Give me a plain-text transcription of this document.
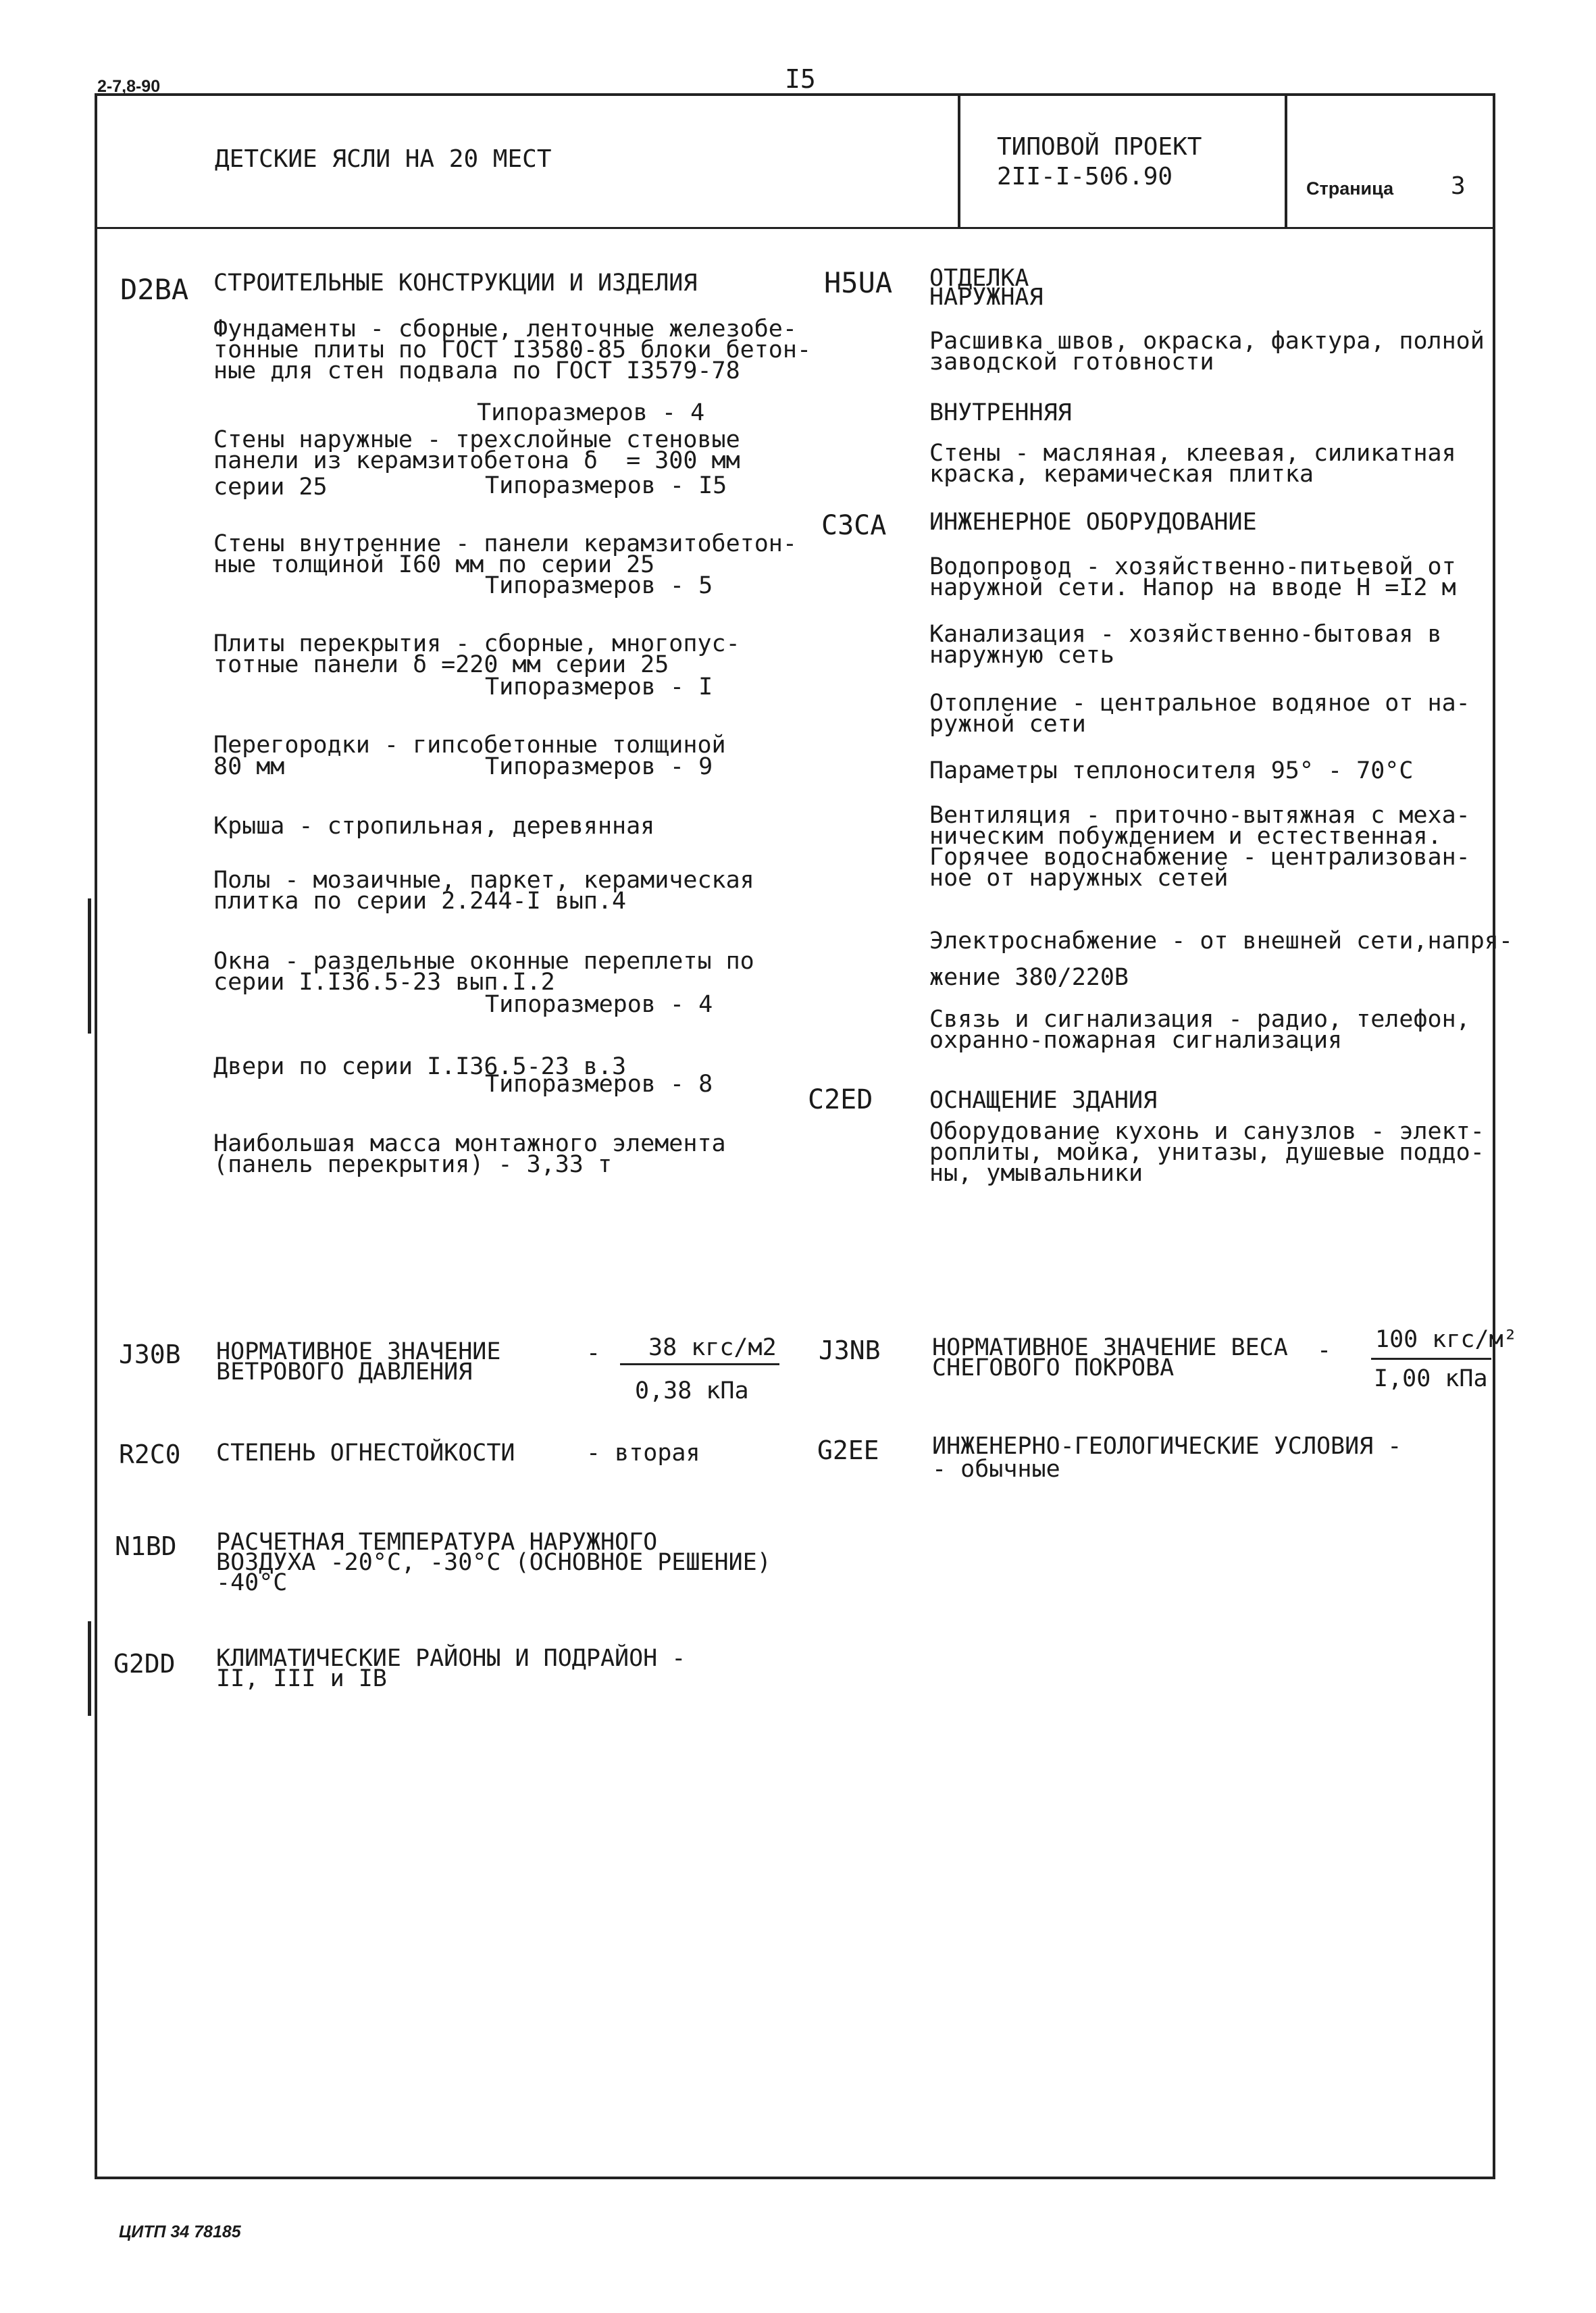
2-7,8-90	I5
ДЕТСКИЕ ЯСЛИ НА 20 МЕСТ	ТИПОВОЙ ПРОЕКТ
2II-I-506.90	Страница 3
D2BA СТРОИТЕЛЬНЫЕ КОНСТРУКЦИИ И ИЗДЕЛИЯ
Фундаменты - сборные, ленточные железобе-
тонные плиты по ГОСТ I3580-85 блоки бетон-
ные для стен подвала по ГОСТ I3579-78
Типоразмеров - 4
Стены наружные - трехслойные стеновые
панели из керамзитобетона δ  = 300 мм
серии 25	Типоразмеров - I5
Стены внутренние - панели керамзитобетон-
ные толщиной I60 мм по серии 25
Типоразмеров - 5
Плиты перекрытия - сборные, многопус-
тотные панели δ =220 мм серии 25
Типоразмеров - I
Перегородки - гипсобетонные толщиной
80 мм	Типоразмеров - 9
Крыша - стропильная, деревянная
Полы - мозаичные, паркет, керамическая
плитка по серии 2.244-I вып.4
Окна - раздельные оконные переплеты по
серии I.I36.5-23 вып.I.2
Типоразмеров - 4
Двери по серии I.I36.5-23 в.3
Типоразмеров - 8
Наибольшая масса монтажного элемента
(панель перекрытия) - 3,33 т
H5UA ОТДЕЛКА
НАРУЖНАЯ
Расшивка швов, окраска, фактура, полной
заводской готовности
ВНУТРЕННЯЯ
Стены - масляная, клеевая, силикатная
краска, керамическая плитка
C3CA ИНЖЕНЕРНОЕ ОБОРУДОВАНИЕ
Водопровод - хозяйственно-питьевой от
наружной сети. Напор на вводе Н =I2 м
Канализация - хозяйственно-бытовая в
наружную сеть
Отопление - центральное водяное от на-
ружной сети
Параметры теплоносителя 95° - 70°С
Вентиляция - приточно-вытяжная с меха-
ническим побуждением и естественная.
Горячее водоснабжение - централизован-
ное от наружных сетей
Электроснабжение - от внешней сети,напря-
жение 380/220В
Связь и сигнализация - радио, телефон,
охранно-пожарная сигнализация
C2ED ОСНАЩЕНИЕ ЗДАНИЯ
Оборудование кухонь и санузлов - элект-
роплиты, мойка, унитазы, душевые поддо-
ны, умывальники
J30B НОРМАТИВНОЕ ЗНАЧЕНИЕ
ВЕТРОВОГО ДАВЛЕНИЯ
- 38 кгс/м2
0,38 кПа
J3NB НОРМАТИВНОЕ ЗНАЧЕНИЕ ВЕСА
СНЕГОВОГО ПОКРОВА
- 100 кгс/м²
I,00 кПа
R2C0 СТЕПЕНЬ ОГНЕСТОЙКОСТИ	- вторая	G2EE ИНЖЕНЕРНО-ГЕОЛОГИЧЕСКИЕ УСЛОВИЯ -
- обычные
N1BD РАСЧЕТНАЯ ТЕМПЕРАТУРА НАРУЖНОГО
ВОЗДУХА -20°С, -30°С (ОСНОВНОЕ РЕШЕНИЕ)
-40°С
G2DD КЛИМАТИЧЕСКИЕ РАЙОНЫ И ПОДРАЙОН -
II, III и IВ
ЦИТП 34 78185
